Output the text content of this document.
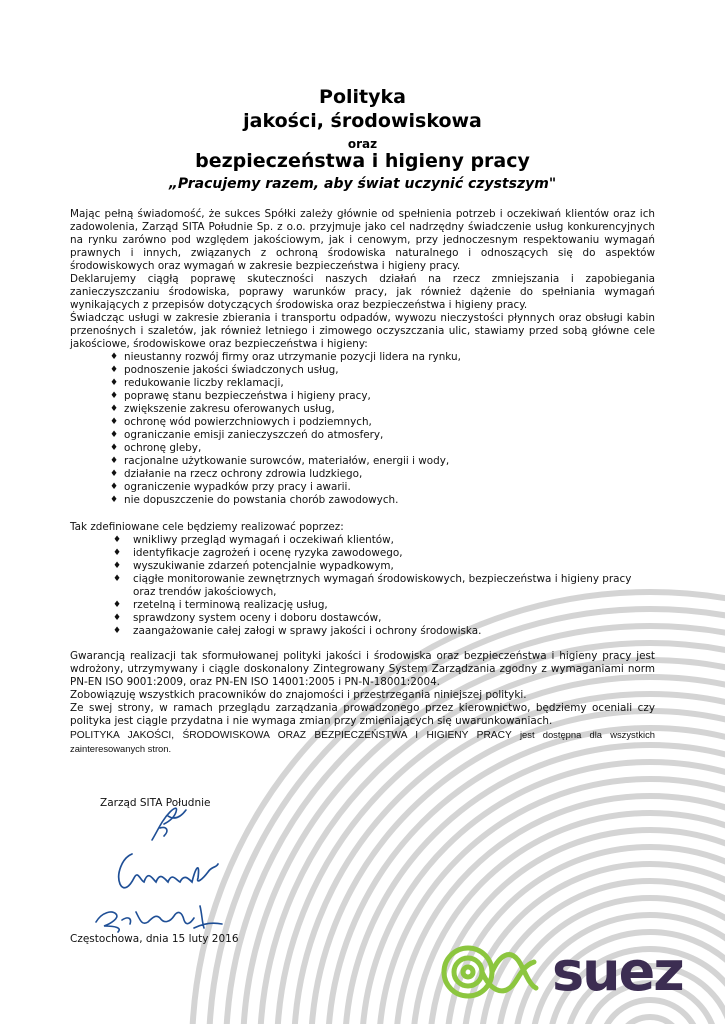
Polityka
jakości, środowiskowa
oraz
bezpieczeństwa i higieny pracy
„Pracujemy razem, aby świat uczynić czystszym"

Mając pełną świadomość, że sukces Spółki zależy głównie od spełnienia potrzeb i oczekiwań klientów oraz ich zadowolenia, Zarząd SITA Południe Sp. z o.o. przyjmuje jako cel nadrzędny świadczenie usług konkurencyjnych na rynku zarówno pod względem jakościowym, jak i cenowym, przy jednoczesnym respektowaniu wymagań prawnych i innych, związanych z ochroną środowiska naturalnego i odnoszących się do aspektów środowiskowych oraz wymagań w zakresie bezpieczeństwa i higieny pracy.

Deklarujemy ciągłą poprawę skuteczności naszych działań na rzecz zmniejszania i zapobiegania zanieczyszczaniu środowiska, poprawy warunków pracy, jak również dążenie do spełniania wymagań wynikających z przepisów dotyczących środowiska oraz bezpieczeństwa i higieny pracy.

Świadcząc usługi w zakresie zbierania i transportu odpadów, wywozu nieczystości płynnych oraz obsługi kabin przenośnych i szaletów, jak również letniego i zimowego oczyszczania ulic, stawiamy przed sobą główne cele jakościowe, środowiskowe oraz bezpieczeństwa i higieny:

♦ nieustanny rozwój firmy oraz utrzymanie pozycji lidera na rynku,
♦ podnoszenie jakości świadczonych usług,
♦ redukowanie liczby reklamacji,
♦ poprawę stanu bezpieczeństwa i higieny pracy,
♦ zwiększenie zakresu oferowanych usług,
♦ ochronę wód powierzchniowych i podziemnych,
♦ ograniczanie emisji zanieczyszczeń do atmosfery,
♦ ochronę gleby,
♦ racjonalne użytkowanie surowców, materiałów, energii i wody,
♦ działanie na rzecz ochrony zdrowia ludzkiego,
♦ ograniczenie wypadków przy pracy i awarii.
♦ nie dopuszczenie do powstania chorób zawodowych.

Tak zdefiniowane cele będziemy realizować poprzez:

♦ wnikliwy przegląd wymagań i oczekiwań klientów,
♦ identyfikacje zagrożeń i ocenę ryzyka zawodowego,
♦ wyszukiwanie zdarzeń potencjalnie wypadkowym,
♦ ciągłe monitorowanie zewnętrznych wymagań środowiskowych, bezpieczeństwa i higieny pracy oraz trendów jakościowych,
♦ rzetelną i terminową realizację usług,
♦ sprawdzony system oceny i doboru dostawców,
♦ zaangażowanie całej załogi w sprawy jakości i ochrony środowiska.

Gwarancją realizacji tak sformułowanej polityki jakości i środowiska oraz bezpieczeństwa i higieny pracy jest wdrożony, utrzymywany i ciągle doskonalony Zintegrowany System Zarządzania zgodny z wymaganiami norm PN-EN ISO 9001:2009, oraz PN-EN ISO 14001:2005 i PN-N-18001:2004.

Zobowiązuję wszystkich pracowników do znajomości i przestrzegania niniejszej polityki.

Ze swej strony, w ramach przeglądu zarządzania prowadzonego przez kierownictwo, będziemy oceniali czy polityka jest ciągle przydatna i nie wymaga zmian przy zmieniających się uwarunkowaniach.

POLITYKA JAKOŚCI, ŚRODOWISKOWA ORAZ BEZPIECZEŃSTWA I HIGIENY PRACY jest dostępna dla wszystkich zainteresowanych stron.

Zarząd SITA Południe
Częstochowa, dnia 15 luty 2016
suez
